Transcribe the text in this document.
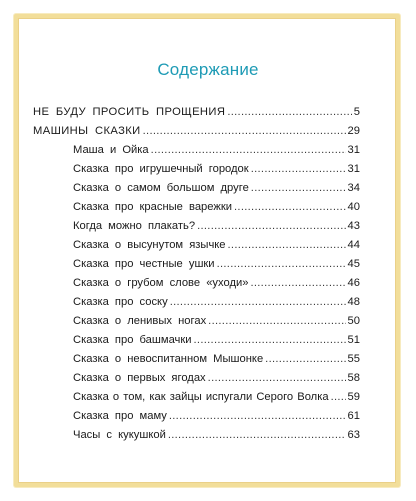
Содержание
НЕ БУДУ ПРОСИТЬ ПРОЩЕНИЯ .....	5
МАШИНЫ СКАЗКИ .....	29
Маша и Ойка .....	31
Сказка про игрушечный городок .....	31
Сказка о самом большом друге .....	34
Сказка про красные варежки .....	40
Когда можно плакать? .....	43
Сказка о высунутом язычке .....	44
Сказка про честные ушки .....	45
Сказка о грубом слове «уходи» .....	46
Сказка про соску .....	48
Сказка о ленивых ногах .....	50
Сказка про башмачки .....	51
Сказка о невоспитанном Мышонке .....	55
Сказка о первых ягодах .....	58
Сказка о том, как зайцы испугали Серого Волка ..... 59
Сказка про маму .....	61
Часы с кукушкой .....	63
